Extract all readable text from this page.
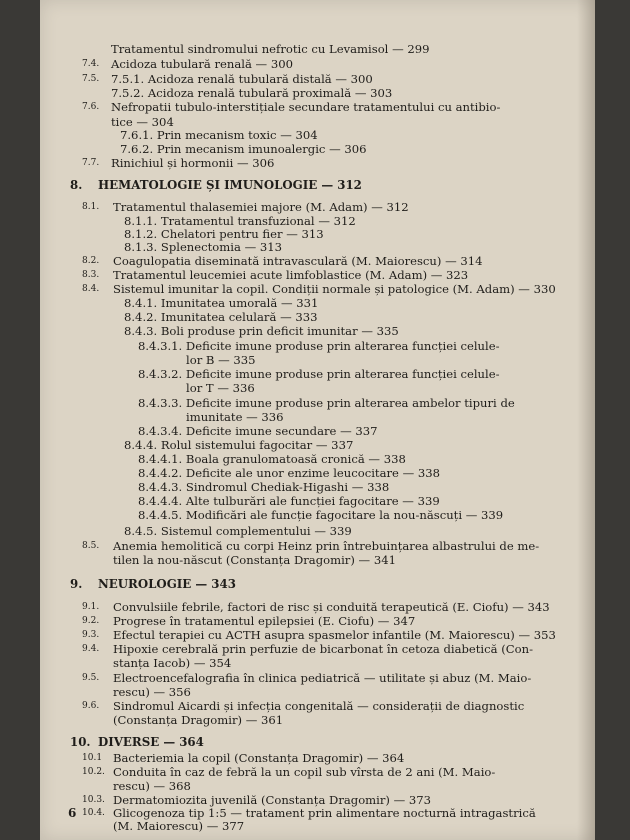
Tratamentul sindromului nefrotic cu Levamisol — 299
7.4. Acidoza tubulară renală — 300
7.5. 7.5.1. Acidoza renală tubulară distală — 300
7.5.2. Acidoza renală tubulară proximală — 303
7.6. Nefropatii tubulo-interstițiale secundare tratamentului cu antibio-
tice — 304
7.6.1. Prin mecanism toxic — 304
7.6.2. Prin mecanism imunoalergic — 306
7.7. Rinichiul și hormonii — 306
8. HEMATOLOGIE ȘI IMUNOLOGIE — 312
8.1. Tratamentul thalasemiei majore (M. Adam) — 312
8.1.1. Tratamentul transfuzional — 312
8.1.2. Chelatori pentru fier — 313
8.1.3. Splenectomia — 313
8.2. Coagulopatia diseminată intravasculară (M. Maiorescu) — 314
8.3. Tratamentul leucemiei acute limfoblastice (M. Adam) — 323
8.4. Sistemul imunitar la copil. Condiții normale și patologice (M. Adam) — 330
8.4.1. Imunitatea umorală — 331
8.4.2. Imunitatea celulară — 333
8.4.3. Boli produse prin deficit imunitar — 335
8.4.3.1. Deficite imune produse prin alterarea funcției celule-
lor B — 335
8.4.3.2. Deficite imune produse prin alterarea funcției celule-
lor T — 336
8.4.3.3. Deficite imune produse prin alterarea ambelor tipuri de
imunitate — 336
8.4.3.4. Deficite imune secundare — 337
8.4.4. Rolul sistemului fagocitar — 337
8.4.4.1. Boala granulomatoasă cronică — 338
8.4.4.2. Deficite ale unor enzime leucocitare — 338
8.4.4.3. Sindromul Chediak-Higashi — 338
8.4.4.4. Alte tulburări ale funcției fagocitare — 339
8.4.4.5. Modificări ale funcție fagocitare la nou-născuți — 339
8.4.5. Sistemul complementului — 339
8.5. Anemia hemolitică cu corpi Heinz prin întrebuințarea albastrului de me-
tilen la nou-născut (Constanța Dragomir) — 341
9. NEUROLOGIE — 343
9.1. Convulsiile febrile, factori de risc și conduită terapeutică (E. Ciofu) — 343
9.2. Progrese în tratamentul epilepsiei (E. Ciofu) — 347
9.3. Efectul terapiei cu ACTH asupra spasmelor infantile (M. Maiorescu) — 353
9.4. Hipoxie cerebrală prin perfuzie de bicarbonat în cetoza diabetică (Con-
stanța Iacob) — 354
9.5. Electroencefalografia în clinica pediatrică — utilitate și abuz (M. Maio-
rescu) — 356
9.6. Sindromul Aicardi și infecția congenitală — considerații de diagnostic
(Constanța Dragomir) — 361
10. DIVERSE — 364
10.1 Bacteriemia la copil (Constanța Dragomir) — 364
10.2. Conduita în caz de febră la un copil sub vîrsta de 2 ani (M. Maio-
rescu) — 368
10.3. Dermatomiozita juvenilă (Constanța Dragomir) — 373
10.4. Glicogenoza tip 1:5 — tratament prin alimentare nocturnă intragastrică
(M. Maiorescu) — 377
6
